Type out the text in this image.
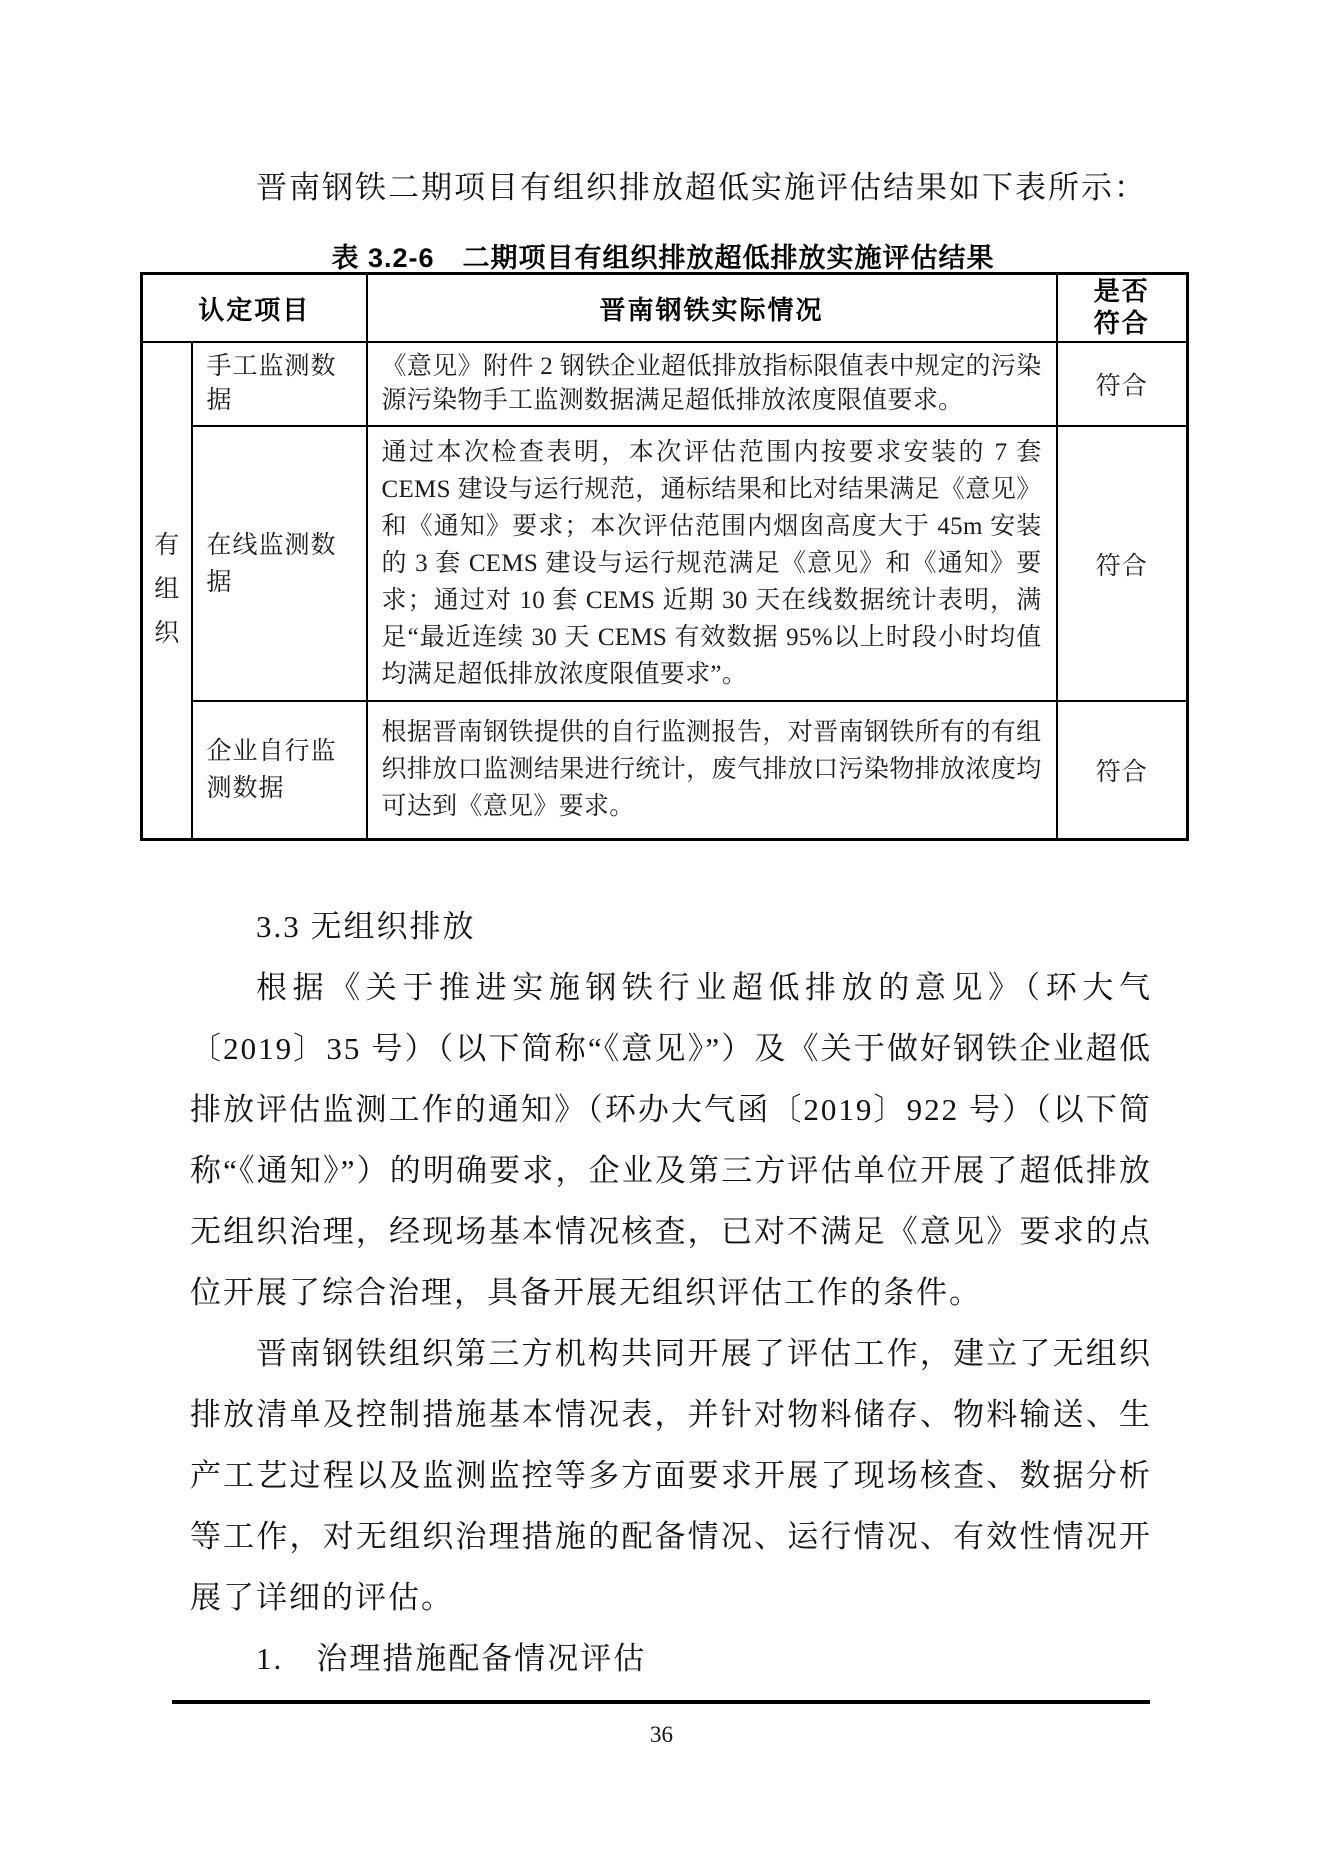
晋南钢铁二期项目有组织排放超低实施评估结果如下表所示：

表 3.2-6　二期项目有组织排放超低排放实施评估结果

认定项目		晋南钢铁实际情况	是否
符合

有组织	手工监测数据	《意见》附件 2 钢铁企业超低排放指标限值表中规定的污染源污染物手工监测数据满足超低排放浓度限值要求。	符合
	在线监测数据	通过本次检查表明，本次评估范围内按要求安装的 7 套 CEMS 建设与运行规范，通标结果和比对结果满足《意见》和《通知》要求；本次评估范围内烟囱高度大于 45m 安装的 3 套 CEMS 建设与运行规范满足《意见》和《通知》要求；通过对 10 套 CEMS 近期 30 天在线数据统计表明，满足“最近连续 30 天 CEMS 有效数据 95%以上时段小时均值均满足超低排放浓度限值要求”。	符合
	企业自行监测数据	根据晋南钢铁提供的自行监测报告，对晋南钢铁所有的有组织排放口监测结果进行统计，废气排放口污染物排放浓度均可达到《意见》要求。	符合
3.3 无组织排放

根据《关于推进实施钢铁行业超低排放的意见》（环大气〔2019〕35 号）（以下简称“《意见》”）及《关于做好钢铁企业超低排放评估监测工作的通知》（环办大气函〔2019〕922 号）（以下简称“《通知》”）的明确要求，企业及第三方评估单位开展了超低排放无组织治理，经现场基本情况核查，已对不满足《意见》要求的点位开展了综合治理，具备开展无组织评估工作的条件。

晋南钢铁组织第三方机构共同开展了评估工作，建立了无组织排放清单及控制措施基本情况表，并针对物料储存、物料输送、生产工艺过程以及监测监控等多方面要求开展了现场核查、数据分析等工作，对无组织治理措施的配备情况、运行情况、有效性情况开展了详细的评估。

1.　治理措施配备情况评估

36
